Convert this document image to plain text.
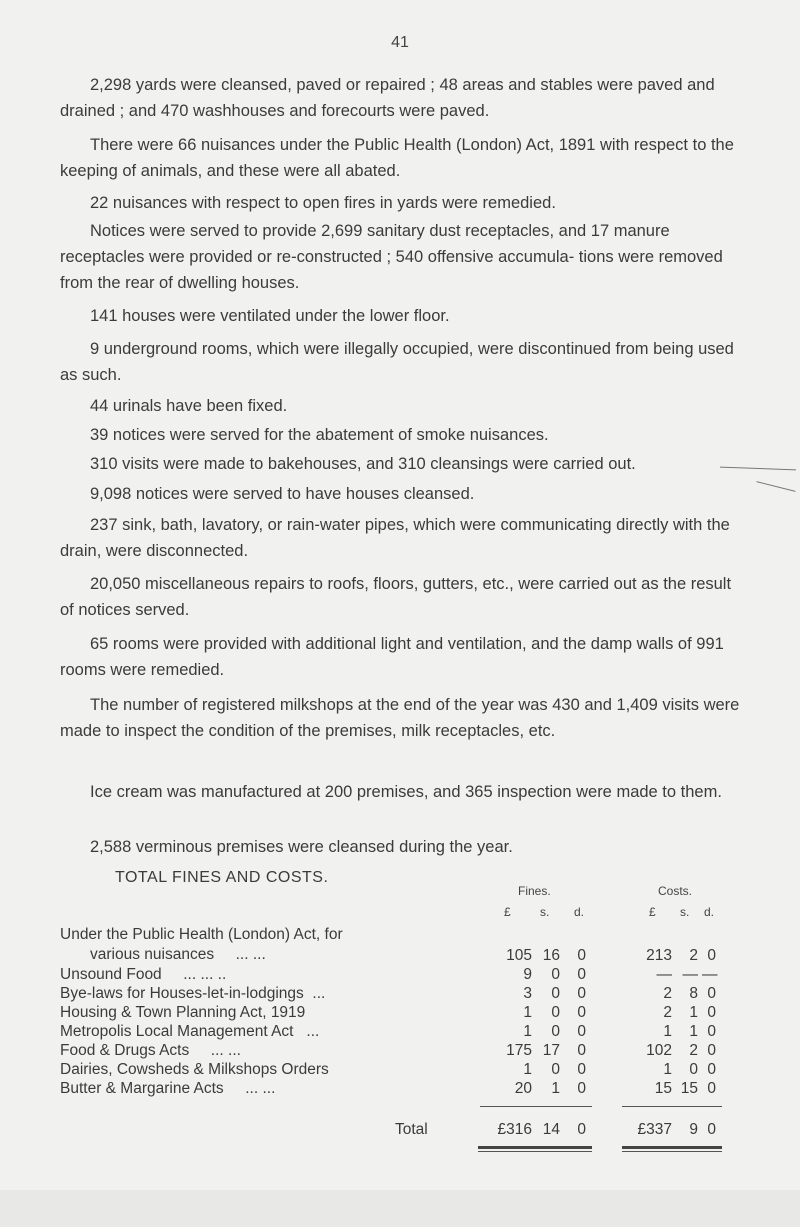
41

2,298 yards were cleansed, paved or repaired ; 48 areas and stables were paved and drained ; and 470 washhouses and forecourts were paved.

There were 66 nuisances under the Public Health (London) Act, 1891 with respect to the keeping of animals, and these were all abated.

22 nuisances with respect to open fires in yards were remedied.

Notices were served to provide 2,699 sanitary dust receptacles, and 17 manure receptacles were provided or re-constructed ; 540 offensive accumula- tions were removed from the rear of dwelling houses.

141 houses were ventilated under the lower floor.

9 underground rooms, which were illegally occupied, were discontinued from being used as such.

44 urinals have been fixed.

39 notices were served for the abatement of smoke nuisances.

310 visits were made to bakehouses, and 310 cleansings were carried out.

9,098 notices were served to have houses cleansed.

237 sink, bath, lavatory, or rain-water pipes, which were communicating directly with the drain, were disconnected.

20,050 miscellaneous repairs to roofs, floors, gutters, etc., were carried out as the result of notices served.

65 rooms were provided with additional light and ventilation, and the damp walls of 991 rooms were remedied.

The number of registered milkshops at the end of the year was 430 and 1,409 visits were made to inspect the condition of the premises, milk receptacles, etc.

Ice cream was manufactured at 200 premises, and 365 inspection were made to them.

2,588 verminous premises were cleansed during the year.

TOTAL FINES AND COSTS.
Fines.	Costs.
£ s. d.	£ s. d.
Under the Public Health (London) Act, for
various nuisances ... ...	105 16	0	213	2 0
Unsound Food ... ... ..	9	0	0	— — —
Bye-laws for Houses-let-in-lodgings ...	3	0	0	2	8 0
Housing & Town Planning Act, 1919	1	0	0	2	1 0
Metropolis Local Management Act ...	1	0	0	1	1 0
Food & Drugs Acts ... ...	175 17	0	102	2 0
Dairies, Cowsheds & Milkshops Orders	1	0	0	1	0 0
Butter & Margarine Acts ... ...	20	1	0	15 15 0
Total	£316 14	0	£337	9 0
